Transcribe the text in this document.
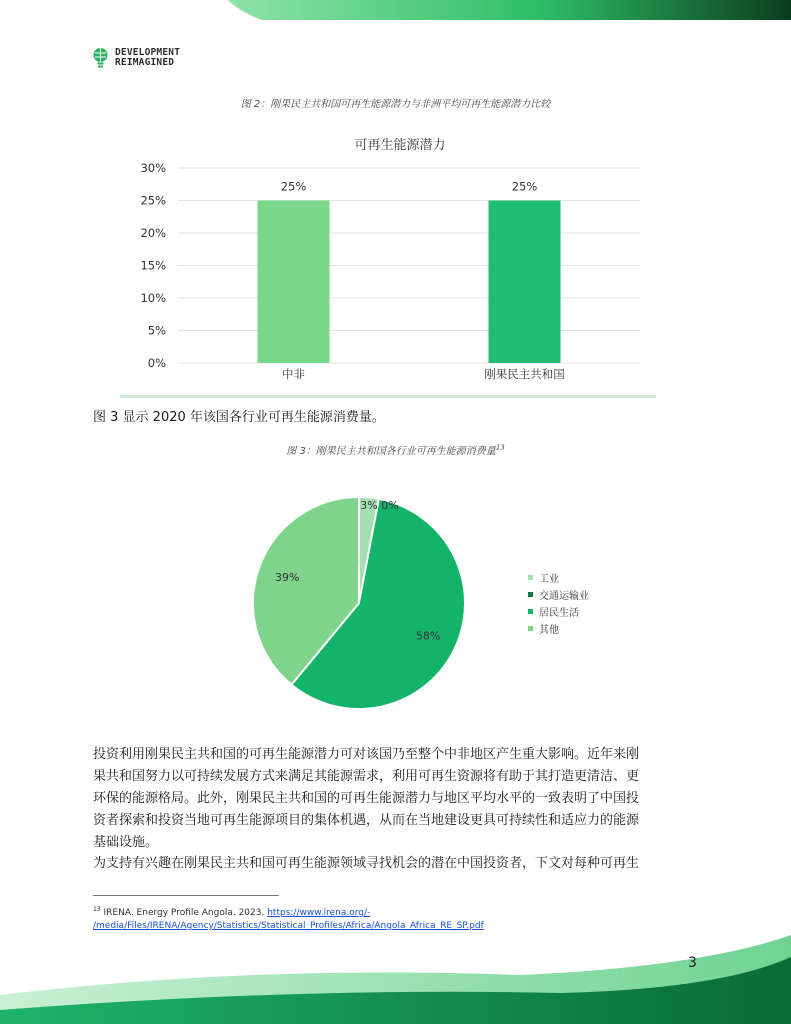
DEVELOPMENT
REIMAGINED
图 2：刚果民主共和国可再生能源潜力与非洲平均可再生能源潜力比较
可再生能源潜力
0%
5%
10%
15%
20%
25%
30%
25%
中非
25%
刚果民主共和国
图 3 显示 2020 年该国各行业可再生能源消费量。
图 3：刚果民主共和国各行业可再生能源消费量$^{13}$
3% 0%
58%
39%	工业
交通运输业
居民生活
其他
投资利用刚果民主共和国的可再生能源潜力可对该国乃至整个中非地区产生重大影响。近年来刚
果共和国努力以可持续发展方式来满足其能源需求，利用可再生资源将有助于其打造更清洁、更
环保的能源格局。此外，刚果民主共和国的可再生能源潜力与地区平均水平的一致表明了中国投
资者探索和投资当地可再生能源项目的集体机遇，从而在当地建设更具可持续性和适应力的能源
基础设施。
为支持有兴趣在刚果民主共和国可再生能源领域寻找机会的潜在中国投资者，下文对每种可再生
$^{13}$ IRENA. Energy Profile Angola. 2023. https://www.irena.org/-
/media/Files/IRENA/Agency/Statistics/Statistical_Profiles/Africa/Angola_Africa_RE_SP.pdf
3
